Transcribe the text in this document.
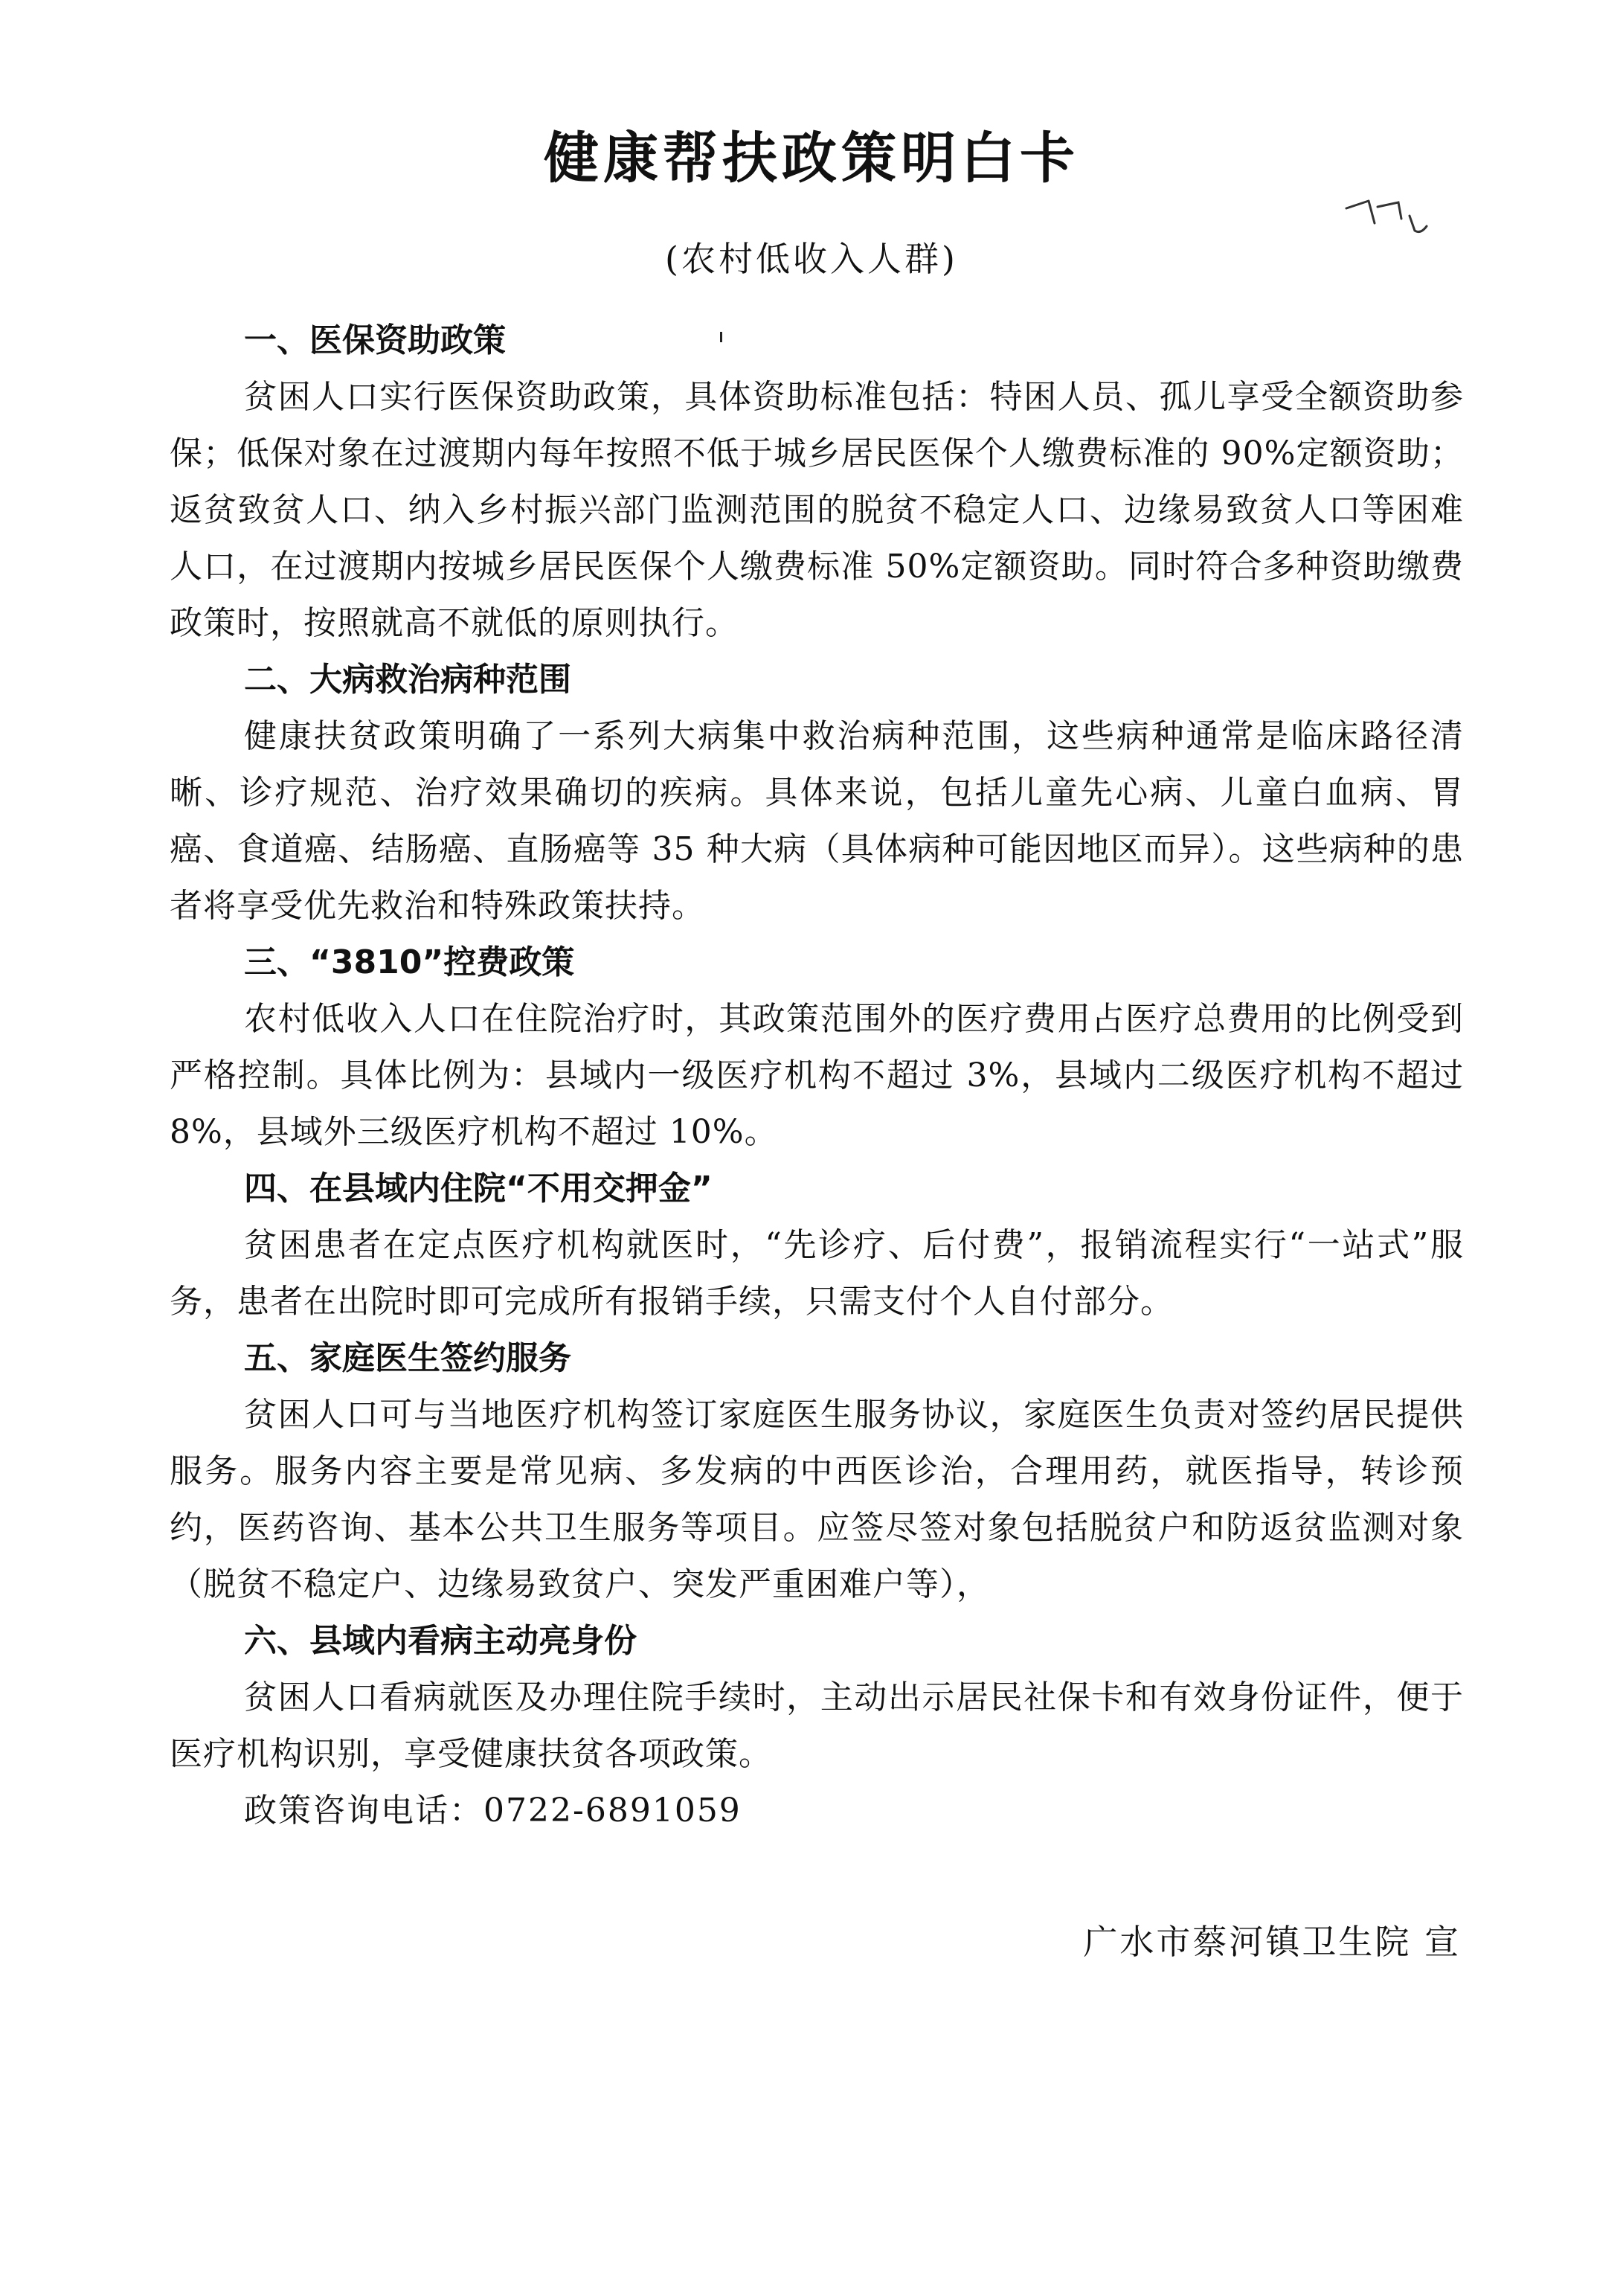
健康帮扶政策明白卡
(农村低收入人群)

一、医保资助政策

贫困人口实行医保资助政策，具体资助标准包括：特困人员、孤儿享受全额资助参保；低保对象在过渡期内每年按照不低于城乡居民医保个人缴费标准的 90%定额资助；返贫致贫人口、纳入乡村振兴部门监测范围的脱贫不稳定人口、边缘易致贫人口等困难人口，在过渡期内按城乡居民医保个人缴费标准 50%定额资助。同时符合多种资助缴费政策时，按照就高不就低的原则执行。

二、大病救治病种范围

健康扶贫政策明确了一系列大病集中救治病种范围，这些病种通常是临床路径清晰、诊疗规范、治疗效果确切的疾病。具体来说，包括儿童先心病、儿童白血病、胃癌、食道癌、结肠癌、直肠癌等 35 种大病（具体病种可能因地区而异）。这些病种的患者将享受优先救治和特殊政策扶持。

三、“3810”控费政策

农村低收入人口在住院治疗时，其政策范围外的医疗费用占医疗总费用的比例受到严格控制。具体比例为：县域内一级医疗机构不超过 3%，县域内二级医疗机构不超过 8%，县域外三级医疗机构不超过 10%。

四、在县域内住院“不用交押金”

贫困患者在定点医疗机构就医时，“先诊疗、后付费”，报销流程实行“一站式”服务，患者在出院时即可完成所有报销手续，只需支付个人自付部分。

五、家庭医生签约服务

贫困人口可与当地医疗机构签订家庭医生服务协议，家庭医生负责对签约居民提供服务。服务内容主要是常见病、多发病的中西医诊治，合理用药，就医指导，转诊预约，医药咨询、基本公共卫生服务等项目。应签尽签对象包括脱贫户和防返贫监测对象（脱贫不稳定户、边缘易致贫户、突发严重困难户等），

六、县域内看病主动亮身份

贫困人口看病就医及办理住院手续时，主动出示居民社保卡和有效身份证件，便于医疗机构识别，享受健康扶贫各项政策。

政策咨询电话：0722-6891059

广水市蔡河镇卫生院 宣
